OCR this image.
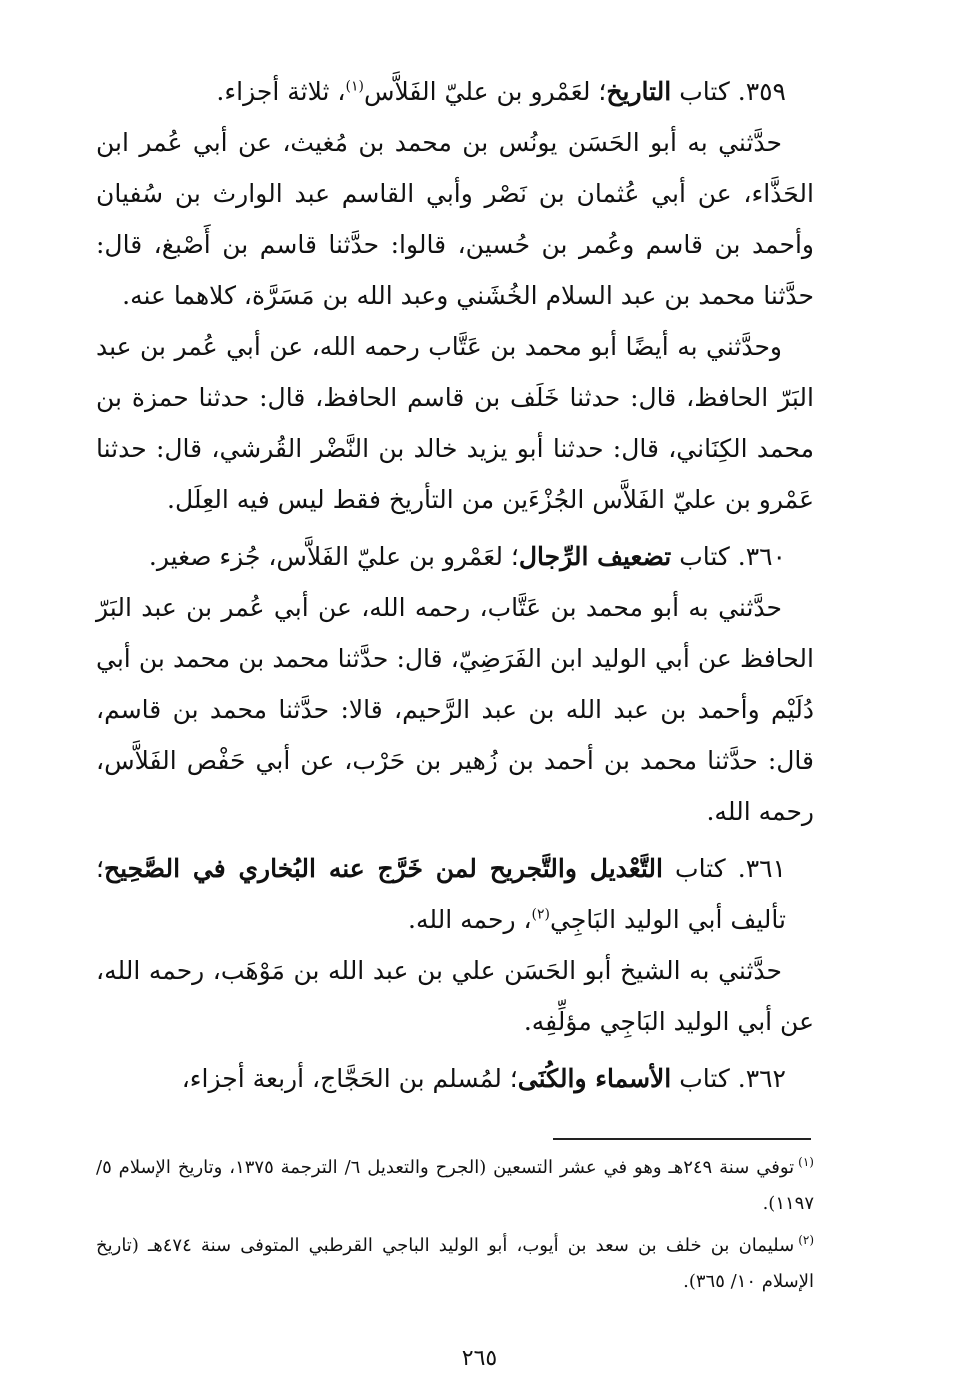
٣٥٩. كتاب التاريخ؛ لعَمْرو بن عليّ الفَلاَّس$^{(١)}$، ثلاثة أجزاء.

حدَّثني به أبو الحَسَن يونُس بن محمد بن مُغيث، عن أبي عُمر ابن الحَذَّاء، عن أبي عُثمان بن نَصْر وأبي القاسم عبد الوارث بن سُفيان وأحمد بن قاسم وعُمر بن حُسين، قالوا: حدَّثنا قاسم بن أَصْبغ، قال: حدَّثنا محمد بن عبد السلام الخُشَني وعبد الله بن مَسَرَّة، كلاهما عنه.

وحدَّثني به أيضًا أبو محمد بن عَتَّاب رحمه الله، عن أبي عُمر بن عبد البَرّ الحافظ، قال: حدثنا خَلَف بن قاسم الحافظ، قال: حدثنا حمزة بن محمد الكِنَاني، قال: حدثنا أبو يزيد خالد بن النَّضْر القُرشي، قال: حدثنا عَمْرو بن عليّ الفَلاَّس الجُزْءَين من التأريخ فقط ليس فيه العِلَل.

٣٦٠. كتاب تضعيف الرِّجال؛ لعَمْرو بن عليّ الفَلاَّس، جُزء صغير.

حدَّثني به أبو محمد بن عَتَّاب، رحمه الله، عن أبي عُمر بن عبد البَرّ الحافظ عن أبي الوليد ابن الفَرَضِيّ، قال: حدَّثنا محمد بن محمد بن أبي دُلَيْم وأحمد بن عبد الله بن عبد الرَّحيم، قالا: حدَّثنا محمد بن قاسم، قال: حدَّثنا محمد بن أحمد بن زُهير بن حَرْب، عن أبي حَفْص الفَلاَّس، رحمه الله.

٣٦١. كتاب التَّعْديل والتَّجريح لمن خَرَّج عنه البُخاري في الصَّحِيح؛ تأليف أبي الوليد البَاجِي$^{(٢)}$، رحمه الله.

حدَّثني به الشيخ أبو الحَسَن علي بن عبد الله بن مَوْهَب، رحمه الله، عن أبي الوليد البَاجِي مؤلِّفِه.

٣٦٢. كتاب الأسماء والكُنَى؛ لمُسلم بن الحَجَّاج، أربعة أجزاء،

$^{(١)}$توفي سنة ٢٤٩هـ وهو في عشر التسعين (الجرح والتعديل ٦/ الترجمة ١٣٧٥، وتاريخ الإسلام ٥/ ١١٩٧).

$^{(٢)}$سليمان بن خلف بن سعد بن أيوب، أبو الوليد الباجي القرطبي المتوفى سنة ٤٧٤هـ (تاريخ الإسلام ١٠/ ٣٦٥).

٢٦٥
